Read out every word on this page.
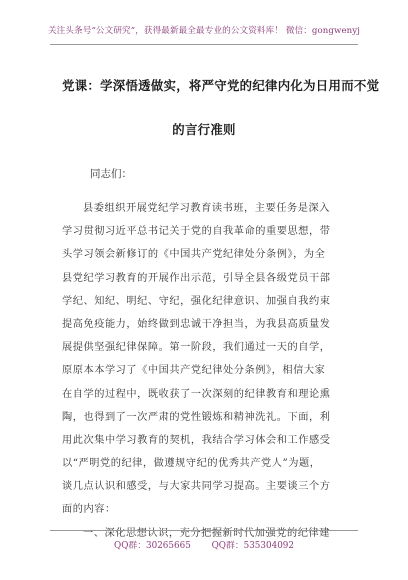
关注头条号“公文研究”，获得最新最全最专业的公文资料库！ 微信：gongwenyj
党课：学深悟透做实，将严守党的纪律内化为日用而不觉
的言行准则
同志们：
县委组织开展党纪学习教育读书班，主要任务是深入
学习贯彻习近平总书记关于党的自我革命的重要思想，带
头学习领会新修订的《中国共产党纪律处分条例》，为全
县党纪学习教育的开展作出示范，引导全县各级党员干部
学纪、知纪、明纪、守纪，强化纪律意识、加强自我约束
提高免疫能力，始终做到忠诚干净担当，为我县高质量发
展提供坚强纪律保障。第一阶段，我们通过一天的自学，
原原本本学习了《中国共产党纪律处分条例》，相信大家
在自学的过程中，既收获了一次深刻的纪律教育和理论熏
陶，也得到了一次严肃的党性锻炼和精神洗礼。下面，利
用此次集中学习教育的契机，我结合学习体会和工作感受
以“严明党的纪律，做遵规守纪的优秀共产党人”为题，
谈几点认识和感受，与大家共同学习提高。主要谈三个方
面的内容：
一、深化思想认识，充分把握新时代加强党的纪律建
QQ群：30265665 QQ群：535304092
